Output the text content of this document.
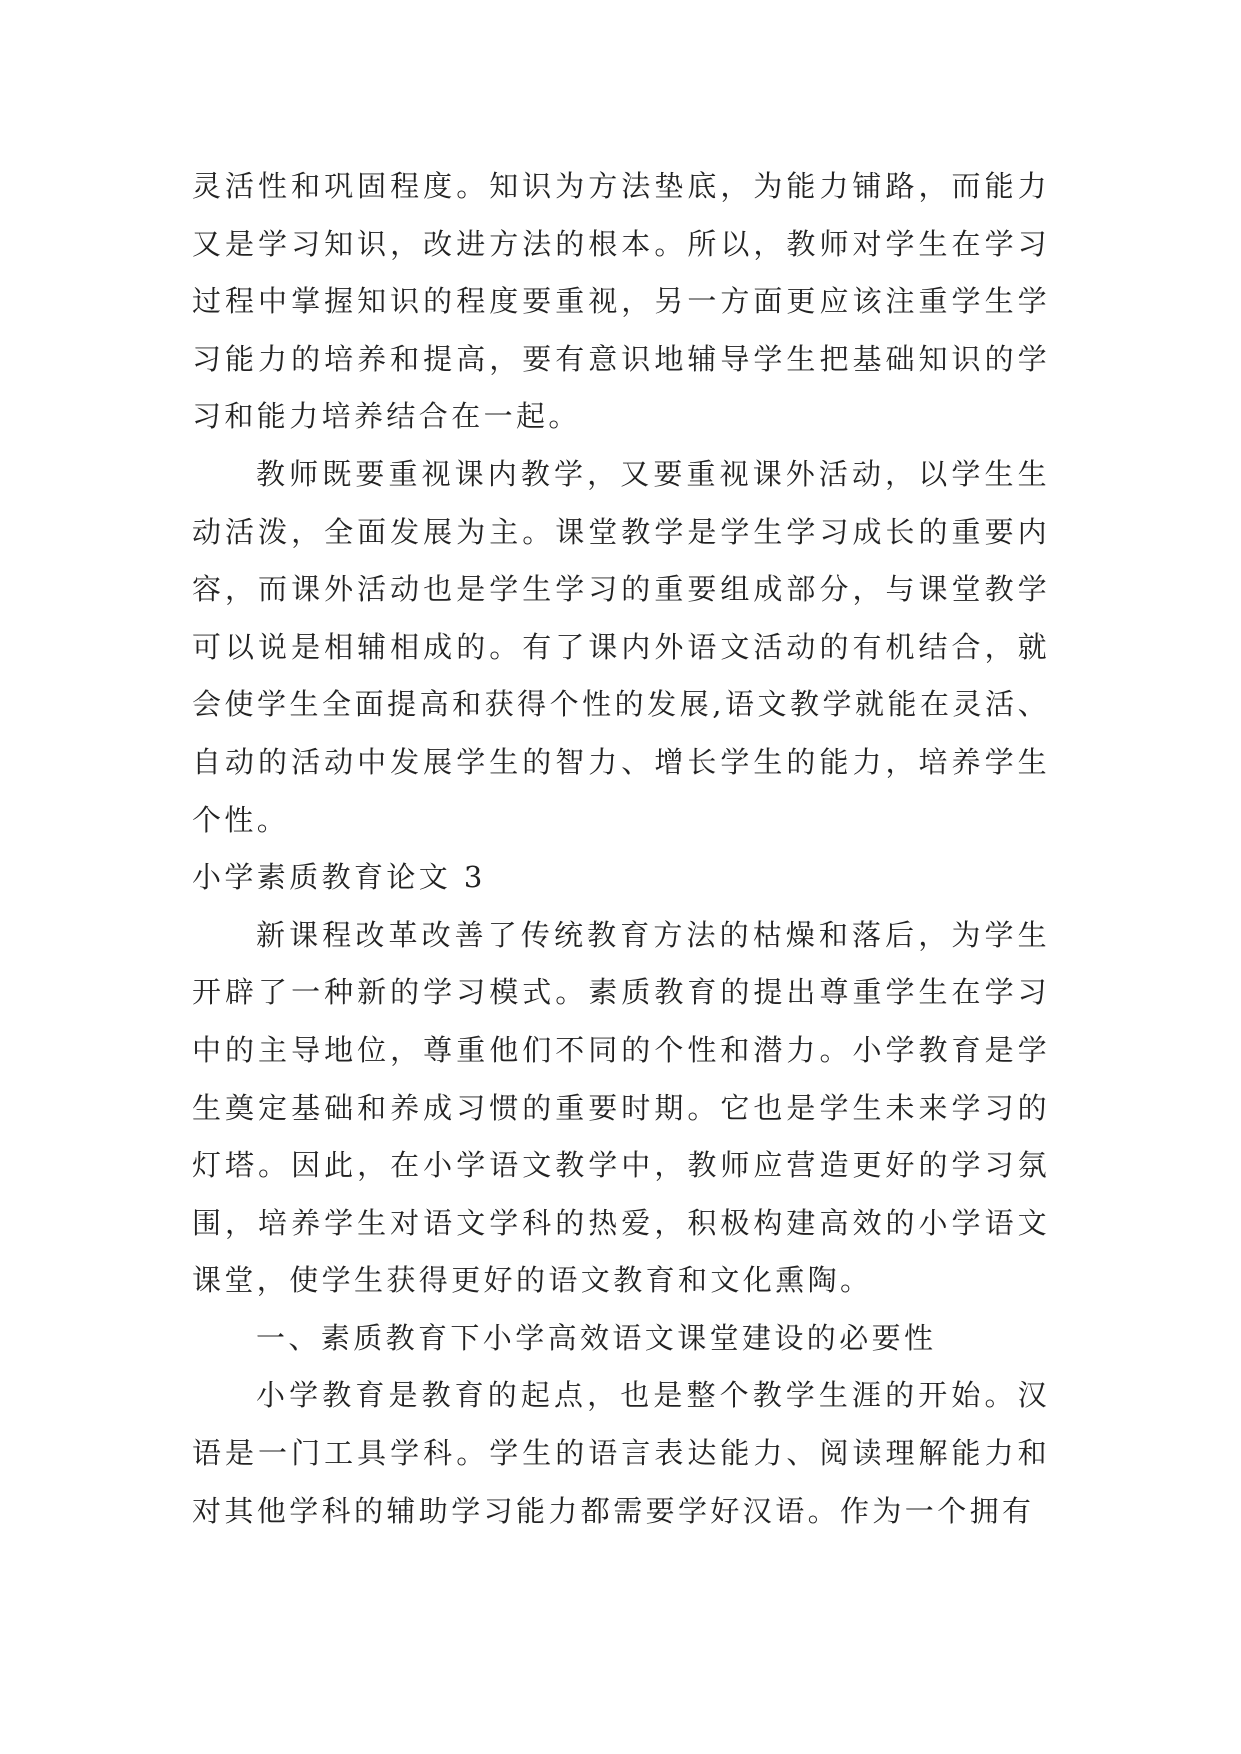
灵活性和巩固程度。知识为方法垫底，为能力铺路，而能力又是学习知识，改进方法的根本。所以，教师对学生在学习过程中掌握知识的程度要重视，另一方面更应该注重学生学习能力的培养和提高，要有意识地辅导学生把基础知识的学习和能力培养结合在一起。

教师既要重视课内教学，又要重视课外活动，以学生生动活泼，全面发展为主。课堂教学是学生学习成长的重要内容，而课外活动也是学生学习的重要组成部分，与课堂教学可以说是相辅相成的。有了课内外语文活动的有机结合，就会使学生全面提高和获得个性的发展,语文教学就能在灵活、自动的活动中发展学生的智力、增长学生的能力，培养学生个性。

小学素质教育论文 3

新课程改革改善了传统教育方法的枯燥和落后，为学生开辟了一种新的学习模式。素质教育的提出尊重学生在学习中的主导地位，尊重他们不同的个性和潜力。小学教育是学生奠定基础和养成习惯的重要时期。它也是学生未来学习的灯塔。因此，在小学语文教学中，教师应营造更好的学习氛围，培养学生对语文学科的热爱，积极构建高效的小学语文课堂，使学生获得更好的语文教育和文化熏陶。

一、素质教育下小学高效语文课堂建设的必要性

小学教育是教育的起点，也是整个教学生涯的开始。汉语是一门工具学科。学生的语言表达能力、阅读理解能力和对其他学科的辅助学习能力都需要学好汉语。作为一个拥有
